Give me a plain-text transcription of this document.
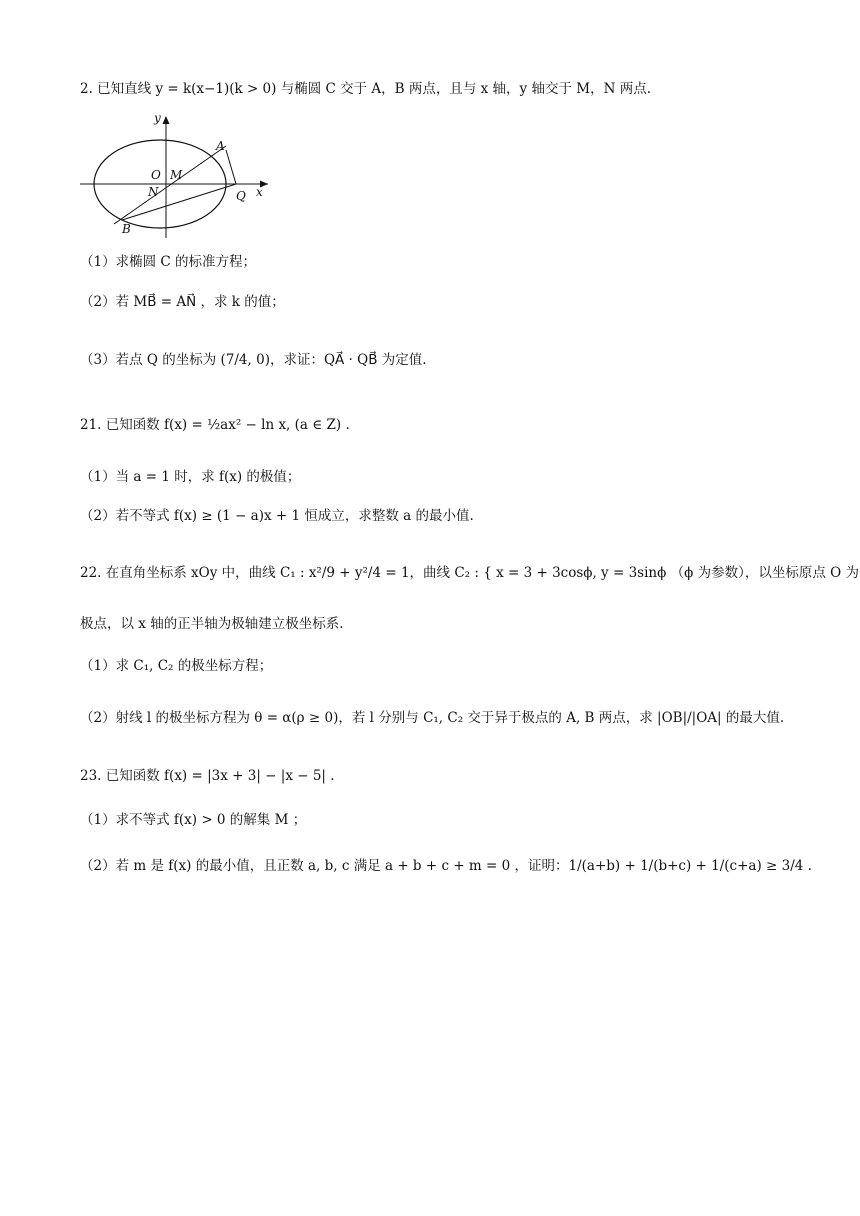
2. 已知直线 y = k(x−1)(k > 0) 与椭圆 C 交于 A，B 两点，且与 x 轴，y 轴交于 M，N 两点.
y
x
O M
N
A
Q
B
（1）求椭圆 C 的标准方程；
（2）若 MB⃗ = AN⃗ ，求 k 的值；
（3）若点 Q 的坐标为 (7/4, 0)，求证：QA⃗ · QB⃗ 为定值.
21. 已知函数 f(x) = ½ax² − ln x, (a ∈ Z) .
（1）当 a = 1 时，求 f(x) 的极值；
（2）若不等式 f(x) ≥ (1 − a)x + 1 恒成立，求整数 a 的最小值.
22. 在直角坐标系 xOy 中，曲线 C₁ : x²/9 + y²/4 = 1，曲线 C₂ : { x = 3 + 3cosϕ, y = 3sinϕ （ϕ 为参数），以坐标原点 O 为
极点，以 x 轴的正半轴为极轴建立极坐标系.
（1）求 C₁, C₂ 的极坐标方程；
（2）射线 l 的极坐标方程为 θ = α(ρ ≥ 0)，若 l 分别与 C₁, C₂ 交于异于极点的 A, B 两点，求 |OB|/|OA| 的最大值.
23. 已知函数 f(x) = |3x + 3| − |x − 5| .
（1）求不等式 f(x) > 0 的解集 M ；
（2）若 m 是 f(x) 的最小值，且正数 a, b, c 满足 a + b + c + m = 0 ，证明：1/(a+b) + 1/(b+c) + 1/(c+a) ≥ 3/4 .
